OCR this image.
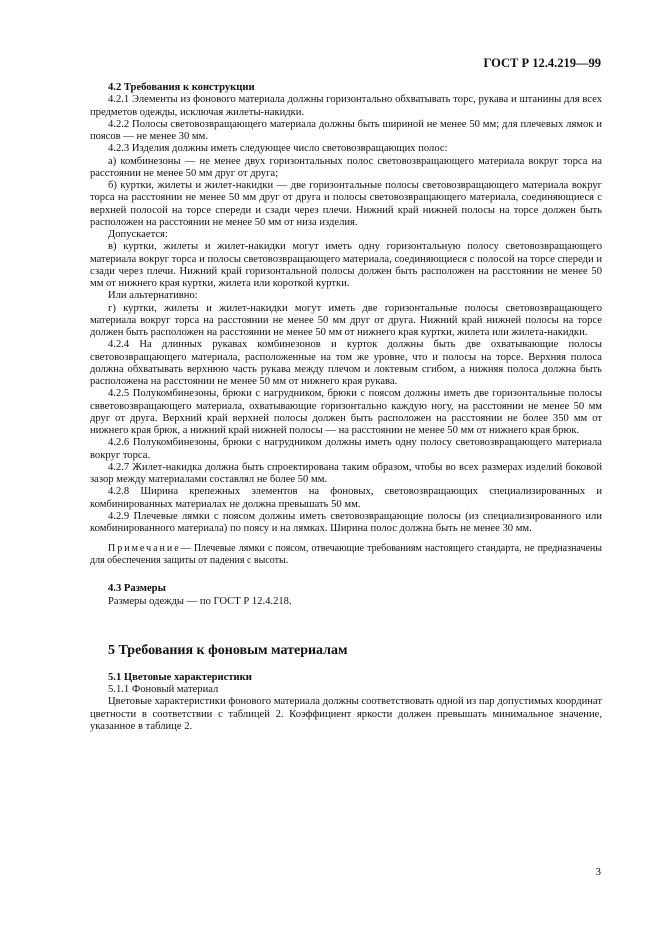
ГОСТ Р 12.4.219—99

4.2 Требования к конструкции

4.2.1 Элементы из фонового материала должны горизонтально обхватывать торс, рукава и штанины для всех предметов одежды, исключая жилеты-накидки.

4.2.2 Полосы световозвращающего материала должны быть шириной не менее 50 мм; для плечевых лямок и поясов — не менее 30 мм.

4.2.3 Изделия должны иметь следующее число световозвращающих полос:

а) комбинезоны — не менее двух горизонтальных полос световозвращающего материала вокруг торса на расстоянии не менее 50 мм друг от друга;

б) куртки, жилеты и жилет-накидки — две горизонтальные полосы световозвращающего материала вокруг торса на расстоянии не менее 50 мм друг от друга и полосы световозвращающего материала, соединяющиеся с верхней полосой на торсе спереди и сзади через плечи. Нижний край нижней полосы на торсе должен быть расположен на расстоянии не менее 50 мм от низа изделия.

Допускается:

в) куртки, жилеты и жилет-накидки могут иметь одну горизонтальную полосу световозвращающего материала вокруг торса и полосы световозвращающего материала, соединяющиеся с полосой на торсе спереди и сзади через плечи. Нижний край горизонтальной полосы должен быть расположен на расстоянии не менее 50 мм от нижнего края куртки, жилета или короткой куртки.

Или альтернативно:

г) куртки, жилеты и жилет-накидки могут иметь две горизонтальные полосы световозвращающего материала вокруг торса на расстоянии не менее 50 мм друг от друга. Нижний край нижней полосы на торсе должен быть расположен на расстоянии не менее 50 мм от нижнего края куртки, жилета или жилета-накидки.

4.2.4 На длинных рукавах комбинезонов и курток должны быть две охватывающие полосы световозвращающего материала, расположенные на том же уровне, что и полосы на торсе. Верхняя полоса должна обхватывать верхнюю часть рукава между плечом и локтевым сгибом, а нижняя полоса должна быть расположена на расстоянии не менее 50 мм от нижнего края рукава.

4.2.5 Полукомбинезоны, брюки с нагрудником, брюки с поясом должны иметь две горизонтальные полосы свветовозвращающего материала, охватывающие горизонтально каждую ногу, на расстоянии не менее 50 мм друг от друга. Верхний край верхней полосы должен быть расположен на расстоянии не более 350 мм от нижнего края брюк, а нижний край нижней полосы — на расстоянии не менее 50 мм от нижнего края брюк.

4.2.6 Полукомбинезоны, брюки с нагрудником должны иметь одну полосу световозвращающего материала вокруг торса.

4.2.7 Жилет-накидка должна быть спроектирована таким образом, чтобы во всех размерах изделий боковой зазор между материалами составлял не более 50 мм.

4.2.8 Ширина крепежных элементов на фоновых, световозвращающих специализированных и комбинированных материалах не должна превышать 50 мм.

4.2.9 Плечевые лямки с поясом должны иметь световозвращающие полосы (из специализированного или комбинированного материала) по поясу и на лямках. Ширина полос должна быть не менее 30 мм.

Примечание— Плечевые лямки с поясом, отвечающие требованиям настоящего стандарта, не предназначены для обеспечения защиты от падения с высоты.

4.3 Размеры

Размеры одежды — по ГОСТ Р 12.4.218.

5 Требования к фоновым материалам

5.1 Цветовые характеристики

5.1.1 Фоновый материал

Цветовые характеристики фонового материала должны соответствовать одной из пар допустимых координат цветности в соответствии с таблицей 2. Коэффициент яркости должен превышать минимальное значение, указанное в таблице 2.

3
